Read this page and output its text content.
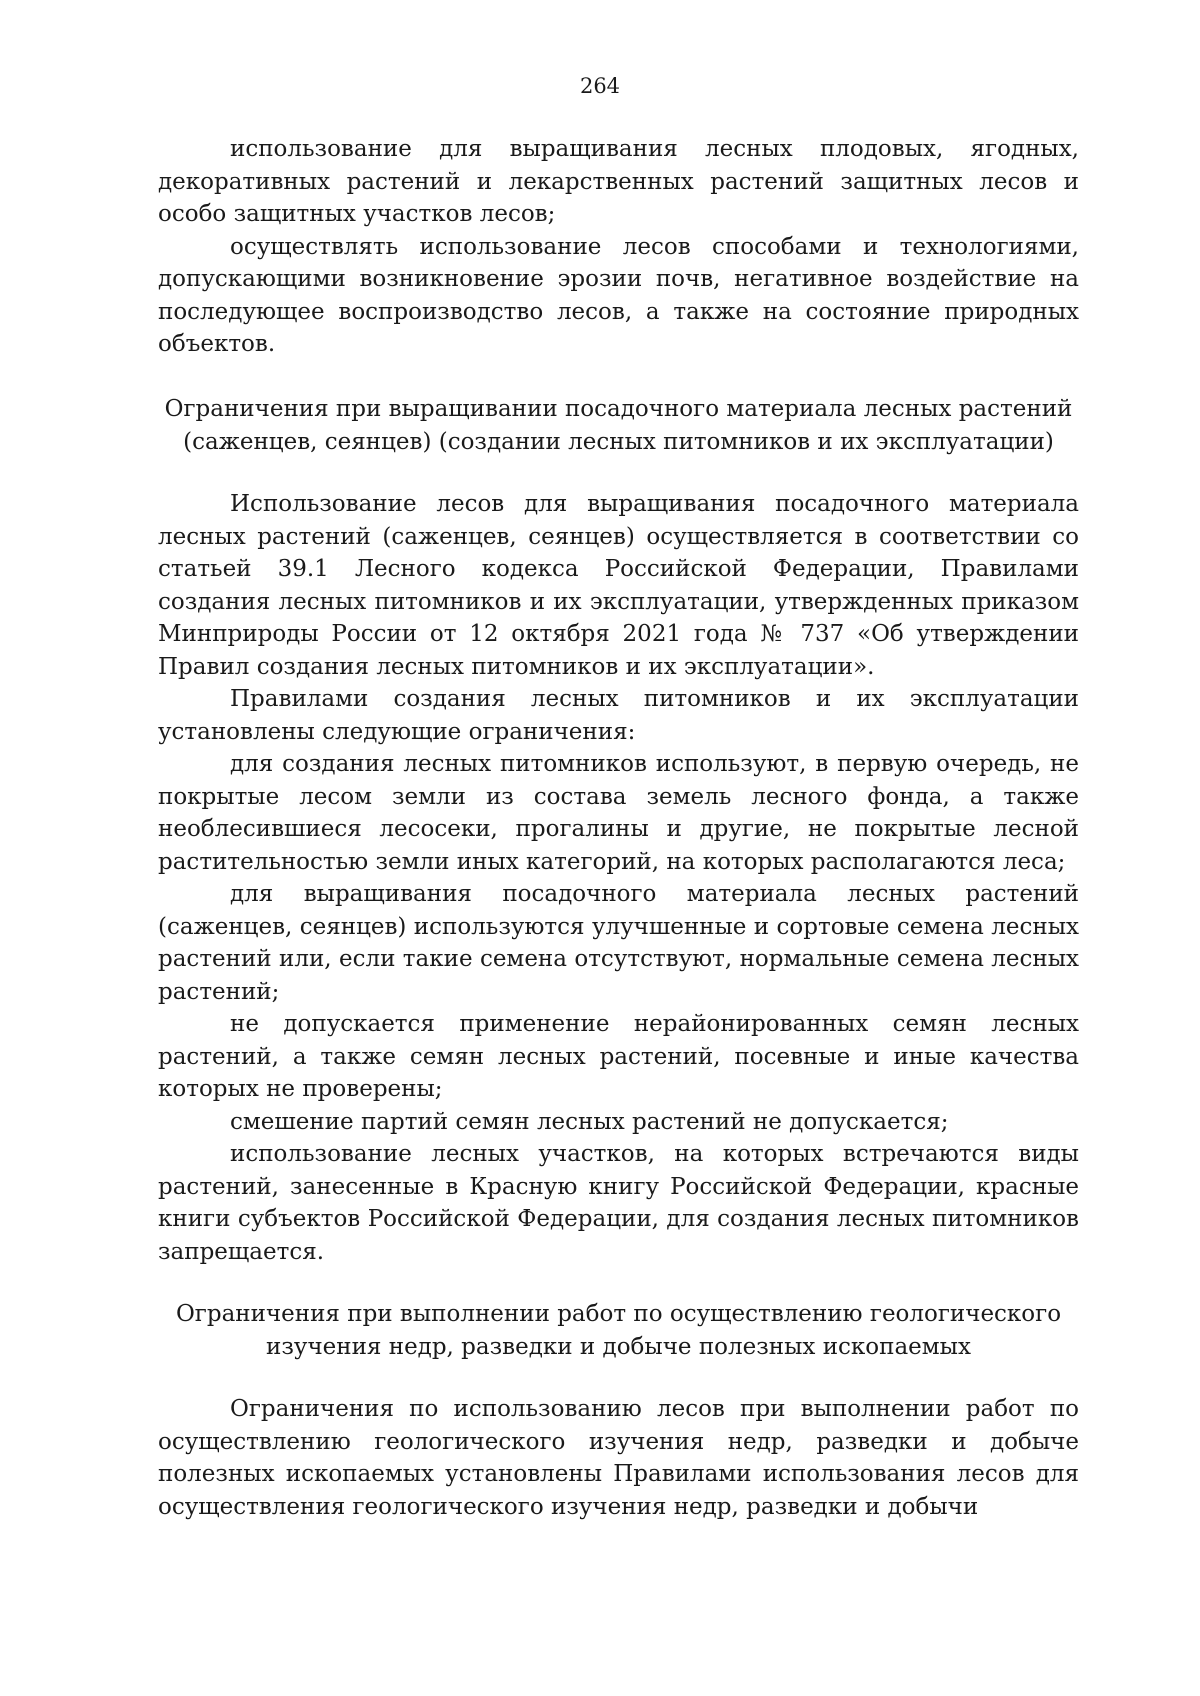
264

использование для выращивания лесных плодовых, ягодных, декоративных растений и лекарственных растений защитных лесов и особо защитных участков лесов;

осуществлять использование лесов способами и технологиями, допускающими возникновение эрозии почв, негативное воздействие на последующее воспроизводство лесов, а также на состояние природных объектов.

Ограничения при выращивании посадочного материала лесных растений

(саженцев, сеянцев) (создании лесных питомников и их эксплуатации)

Использование лесов для выращивания посадочного материала лесных растений (саженцев, сеянцев) осуществляется в соответствии со статьей 39.1 Лесного кодекса Российской Федерации, Правилами создания лесных питомников и их эксплуатации, утвержденных приказом Минприроды России от 12 октября 2021 года № 737 «Об утверждении Правил создания лесных питомников и их эксплуатации».

Правилами создания лесных питомников и их эксплуатации установлены следующие ограничения:

для создания лесных питомников используют, в первую очередь, не покрытые лесом земли из состава земель лесного фонда, а также необлесившиеся лесосеки, прогалины и другие, не покрытые лесной растительностью земли иных категорий, на которых располагаются леса;

для выращивания посадочного материала лесных растений (саженцев, сеянцев) используются улучшенные и сортовые семена лесных растений или, если такие семена отсутствуют, нормальные семена лесных растений;

не допускается применение нерайонированных семян лесных растений, а также семян лесных растений, посевные и иные качества которых не проверены;

смешение партий семян лесных растений не допускается;

использование лесных участков, на которых встречаются виды растений, занесенные в Красную книгу Российской Федерации, красные книги субъектов Российской Федерации, для создания лесных питомников запрещается.

Ограничения при выполнении работ по осуществлению геологического

изучения недр, разведки и добыче полезных ископаемых

Ограничения по использованию лесов при выполнении работ по осуществлению геологического изучения недр, разведки и добыче полезных ископаемых установлены Правилами использования лесов для осуществления геологического изучения недр, разведки и добычи
